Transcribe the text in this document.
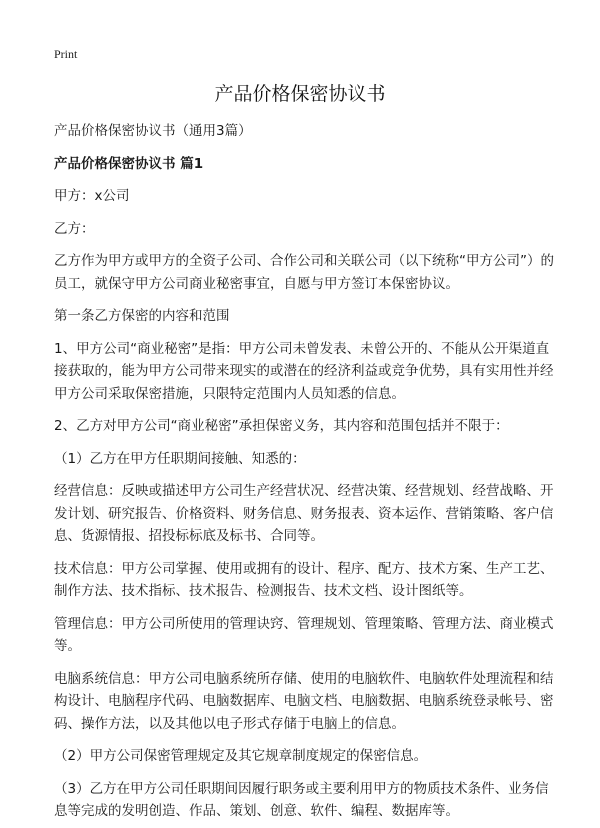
Print
产品价格保密协议书

产品价格保密协议书（通用3篇）

产品价格保密协议书 篇1

甲方：x公司

乙方：

乙方作为甲方或甲方的全资子公司、合作公司和关联公司（以下统称“甲方公司”）的员工，就保守甲方公司商业秘密事宜，自愿与甲方签订本保密协议。

第一条乙方保密的内容和范围

1、甲方公司“商业秘密”是指：甲方公司未曾发表、未曾公开的、不能从公开渠道直接获取的，能为甲方公司带来现实的或潜在的经济利益或竞争优势，具有实用性并经甲方公司采取保密措施，只限特定范围内人员知悉的信息。

2、乙方对甲方公司“商业秘密”承担保密义务，其内容和范围包括并不限于：

（1）乙方在甲方任职期间接触、知悉的：

经营信息：反映或描述甲方公司生产经营状况、经营决策、经营规划、经营战略、开发计划、研究报告、价格资料、财务信息、财务报表、资本运作、营销策略、客户信息、货源情报、招投标标底及标书、合同等。

技术信息：甲方公司掌握、使用或拥有的设计、程序、配方、技术方案、生产工艺、制作方法、技术指标、技术报告、检测报告、技术文档、设计图纸等。

管理信息：甲方公司所使用的管理诀窍、管理规划、管理策略、管理方法、商业模式等。

电脑系统信息：甲方公司电脑系统所存储、使用的电脑软件、电脑软件处理流程和结构设计、电脑程序代码、电脑数据库、电脑文档、电脑数据、电脑系统登录帐号、密码、操作方法，以及其他以电子形式存储于电脑上的信息。

（2）甲方公司保密管理规定及其它规章制度规定的保密信息。

（3）乙方在甲方公司任职期间因履行职务或主要利用甲方的物质技术条件、业务信息等完成的发明创造、作品、策划、创意、软件、编程、数据库等。
